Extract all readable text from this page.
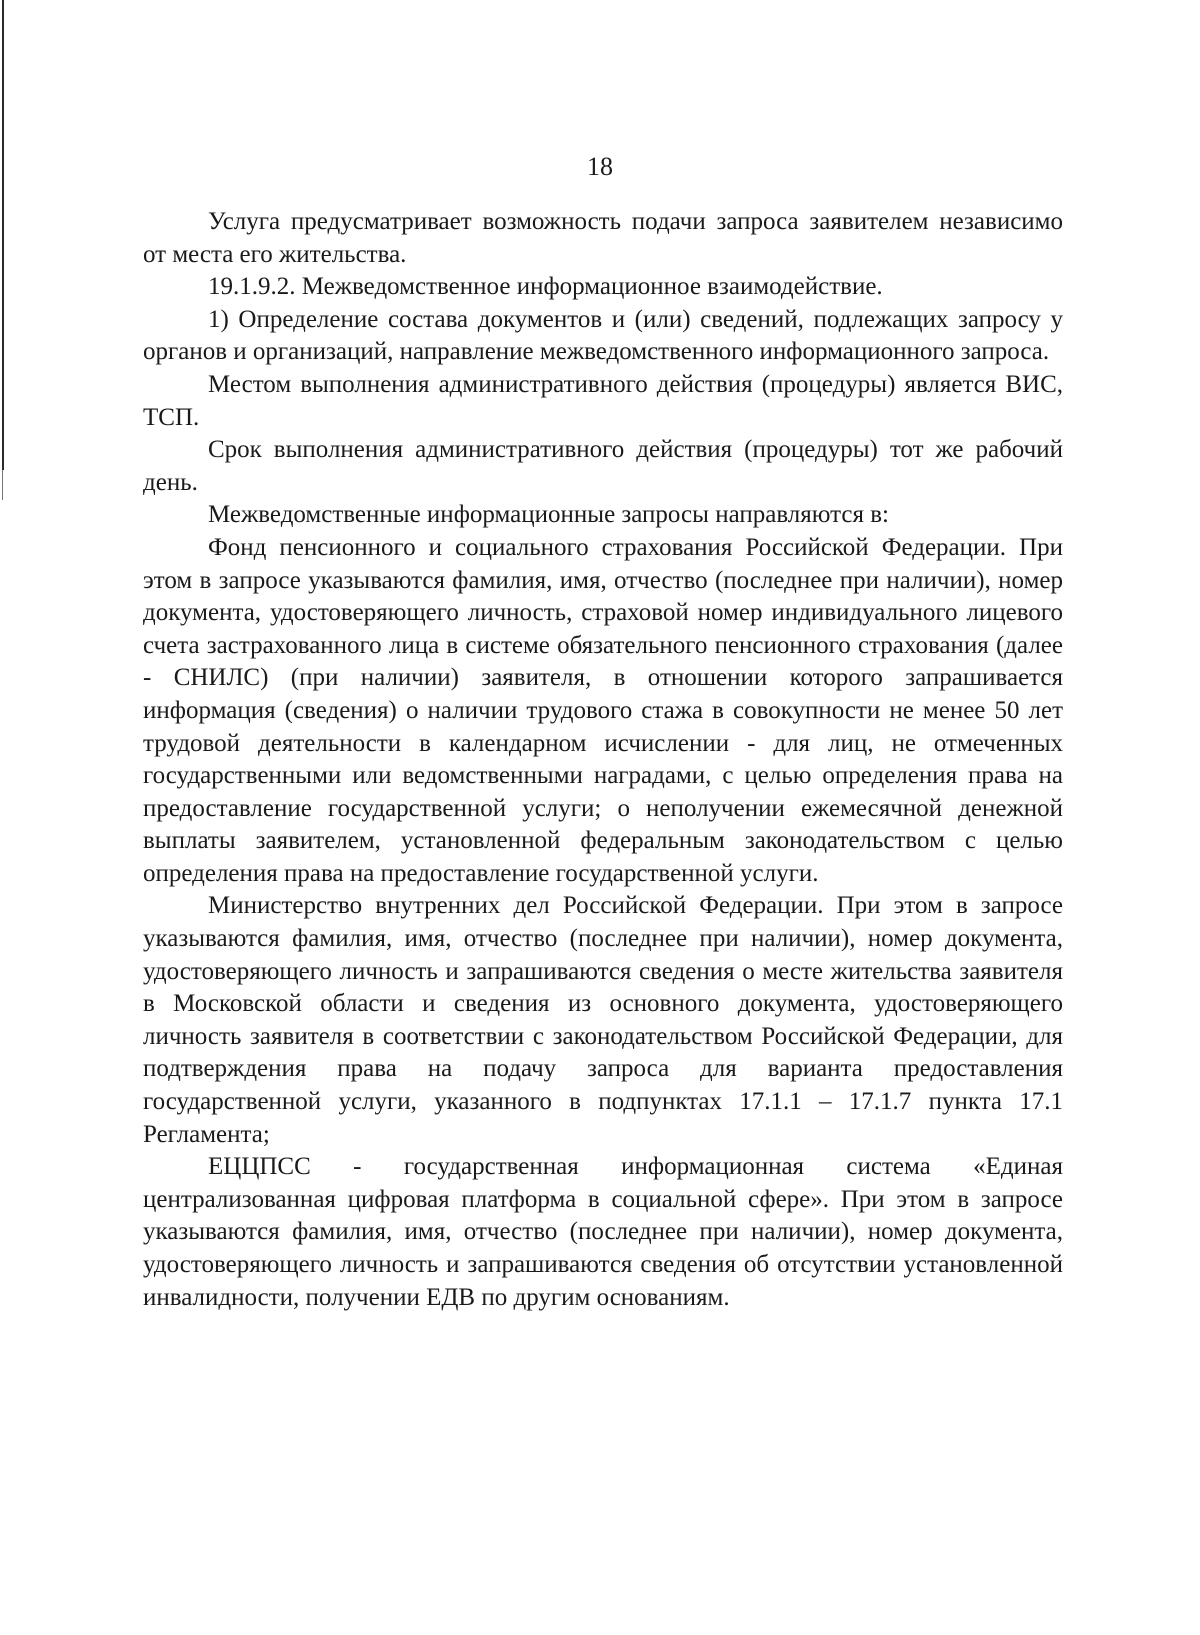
18

Услуга предусматривает возможность подачи запроса заявителем независимо от места его жительства.

19.1.9.2. Межведомственное информационное взаимодействие.

1) Определение состава документов и (или) сведений, подлежащих запросу у органов и организаций, направление межведомственного информационного запроса.

Местом выполнения административного действия (процедуры) является ВИС, ТСП.

Срок выполнения административного действия (процедуры) тот же рабочий день.

Межведомственные информационные запросы направляются в:

Фонд пенсионного и социального страхования Российской Федерации. При этом в запросе указываются фамилия, имя, отчество (последнее при наличии), номер документа, удостоверяющего личность, страховой номер индивидуального лицевого счета застрахованного лица в системе обязательного пенсионного страхования (далее - СНИЛС) (при наличии) заявителя, в отношении которого запрашивается информация (сведения) о наличии трудового стажа в совокупности не менее 50 лет трудовой деятельности в календарном исчислении - для лиц, не отмеченных государственными или ведомственными наградами, с целью определения права на предоставление государственной услуги; о неполучении ежемесячной денежной выплаты заявителем, установленной федеральным законодательством с целью определения права на предоставление государственной услуги.

Министерство внутренних дел Российской Федерации. При этом в запросе указываются фамилия, имя, отчество (последнее при наличии), номер документа, удостоверяющего личность и запрашиваются сведения о месте жительства заявителя в Московской области и сведения из основного документа, удостоверяющего личность заявителя в соответствии с законодательством Российской Федерации, для подтверждения права на подачу запроса для варианта предоставления государственной услуги, указанного в подпунктах 17.1.1 – 17.1.7 пункта 17.1 Регламента;

ЕЦЦПСС - государственная информационная система «Единая централизованная цифровая платформа в социальной сфере». При этом в запросе указываются фамилия, имя, отчество (последнее при наличии), номер документа, удостоверяющего личность и запрашиваются сведения об отсутствии установленной инвалидности, получении ЕДВ по другим основаниям.
